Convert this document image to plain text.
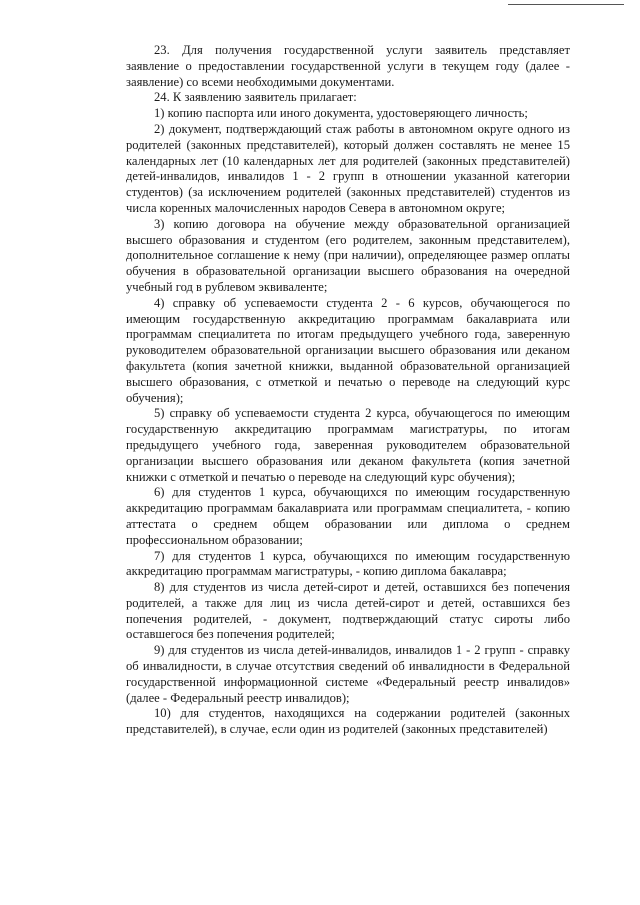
23. Для получения государственной услуги заявитель представляет заявление о предоставлении государственной услуги в текущем году (далее - заявление) со всеми необходимыми документами.

24. К заявлению заявитель прилагает:

1) копию паспорта или иного документа, удостоверяющего личность;

2) документ, подтверждающий стаж работы в автономном округе одного из родителей (законных представителей), который должен составлять не менее 15 календарных лет (10 календарных лет для родителей (законных представителей) детей-инвалидов, инвалидов 1 - 2 групп в отношении указанной категории студентов) (за исключением родителей (законных представителей) студентов из числа коренных малочисленных народов Севера в автономном округе;

3) копию договора на обучение между образовательной организацией высшего образования и студентом (его родителем, законным представителем), дополнительное соглашение к нему (при наличии), определяющее размер оплаты обучения в образовательной организации высшего образования на очередной учебный год в рублевом эквиваленте;

4) справку об успеваемости студента 2 - 6 курсов, обучающегося по имеющим государственную аккредитацию программам бакалавриата или программам специалитета по итогам предыдущего учебного года, заверенную руководителем образовательной организации высшего образования или деканом факультета (копия зачетной книжки, выданной образовательной организацией высшего образования, с отметкой и печатью о переводе на следующий курс обучения);

5) справку об успеваемости студента 2 курса, обучающегося по имеющим государственную аккредитацию программам магистратуры, по итогам предыдущего учебного года, заверенная руководителем образовательной организации высшего образования или деканом факультета (копия зачетной книжки с отметкой и печатью о переводе на следующий курс обучения);

6) для студентов 1 курса, обучающихся по имеющим государственную аккредитацию программам бакалавриата или программам специалитета, - копию аттестата о среднем общем образовании или диплома о среднем профессиональном образовании;

7) для студентов 1 курса, обучающихся по имеющим государственную аккредитацию программам магистратуры, - копию диплома бакалавра;

8) для студентов из числа детей-сирот и детей, оставшихся без попечения родителей, а также для лиц из числа детей-сирот и детей, оставшихся без попечения родителей, - документ, подтверждающий статус сироты либо оставшегося без попечения родителей;

9) для студентов из числа детей-инвалидов, инвалидов 1 - 2 групп - справку об инвалидности, в случае отсутствия сведений об инвалидности в Федеральной государственной информационной системе «Федеральный реестр инвалидов» (далее - Федеральный реестр инвалидов);

10) для студентов, находящихся на содержании родителей (законных представителей), в случае, если один из родителей (законных представителей)
